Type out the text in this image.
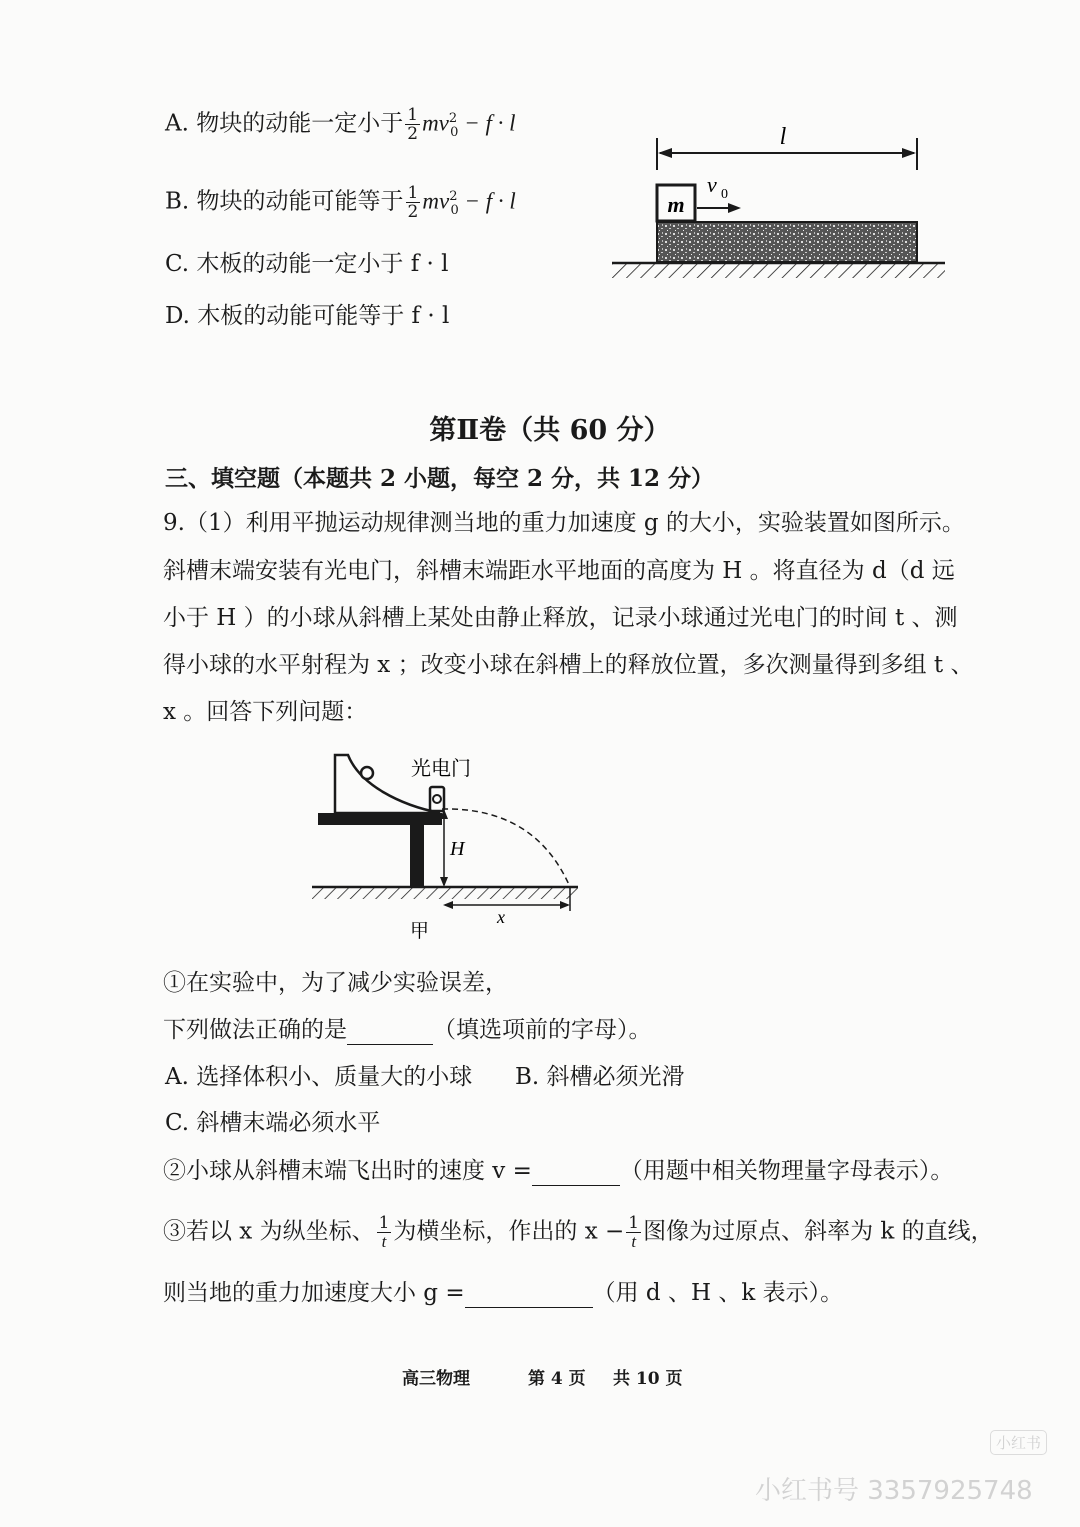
A. 物块的动能一定小于 $\frac{1}{2} mv^2_0 - f \cdot l$
B. 物块的动能可能等于 $\frac{1}{2} mv^2_0 - f \cdot l$
C. 木板的动能一定小于 f · l
D. 木板的动能可能等于 f · l
l
m
v 0
第Ⅱ卷（共 60 分）
三、填空题（本题共 2 小题，每空 2 分，共 12 分）
9.（1）利用平抛运动规律测当地的重力加速度 g 的大小，实验装置如图所示。
斜槽末端安装有光电门，斜槽末端距水平地面的高度为 H 。将直径为 d（d 远
小于 H ）的小球从斜槽上某处由静止释放，记录小球通过光电门的时间 t 、测
得小球的水平射程为 x ；改变小球在斜槽上的释放位置，多次测量得到多组 t 、
x 。回答下列问题：
光电门
H
x
甲
①在实验中，为了减少实验误差，
下列做法正确的是	（填选项前的字母）。
A. 选择体积小、质量大的小球 B. 斜槽必须光滑
C. 斜槽末端必须水平
②小球从斜槽末端飞出时的速度 v =	（用题中相关物理量字母表示）。
③若以 x 为纵坐标、 $\frac{1}{t}$ 为横坐标，作出的 $x - \frac{1}{t}$ 图像为过原点、斜率为 k 的直线，
则当地的重力加速度大小 g =	（用 d 、H 、k 表示）。
高三物理	第 4 页 共 10 页
小红书
小红书号 3357925748
